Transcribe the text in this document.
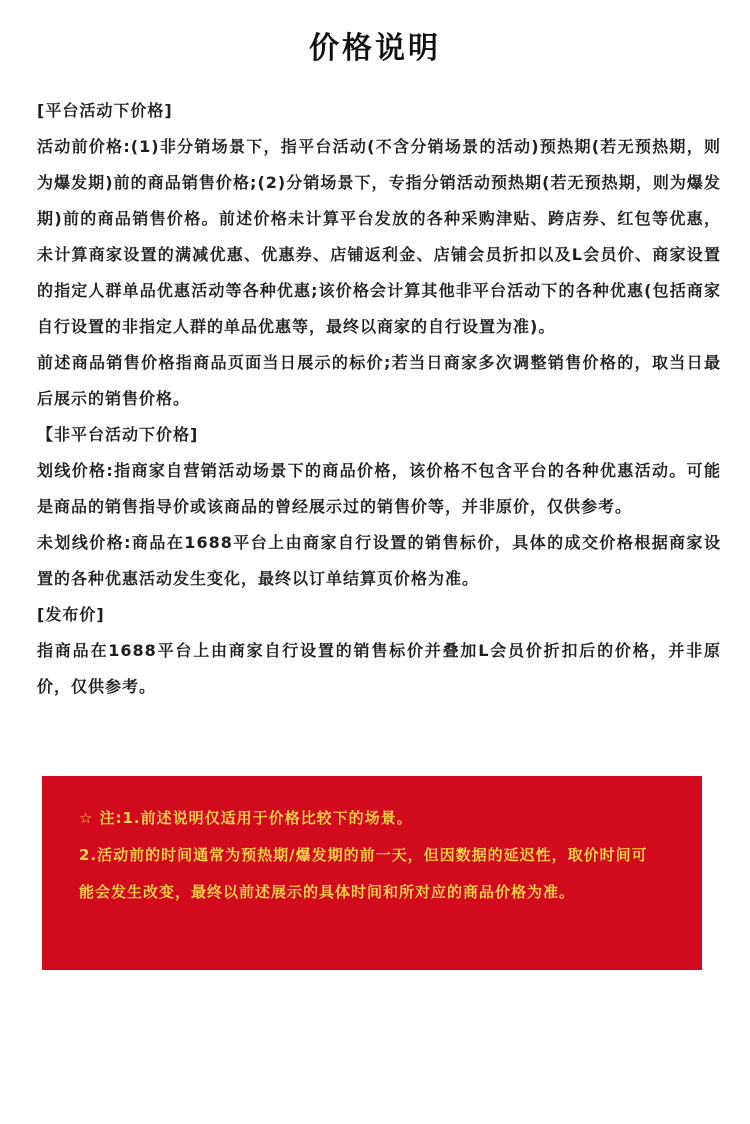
价格说明

[平台活动下价格]

活动前价格:(1)非分销场景下，指平台活动(不含分销场景的活动)预热期(若无预热期，则为爆发期)前的商品销售价格;(2)分销场景下，专指分销活动预热期(若无预热期，则为爆发期)前的商品销售价格。前述价格未计算平台发放的各种采购津贴、跨店券、红包等优惠，未计算商家设置的满减优惠、优惠券、店铺返利金、店铺会员折扣以及L会员价、商家设置的指定人群单品优惠活动等各种优惠;该价格会计算其他非平台活动下的各种优惠(包括商家自行设置的非指定人群的单品优惠等，最终以商家的自行设置为准)。

前述商品销售价格指商品页面当日展示的标价;若当日商家多次调整销售价格的，取当日最后展示的销售价格。

【非平台活动下价格]

划线价格:指商家自营销活动场景下的商品价格，该价格不包含平台的各种优惠活动。可能是商品的销售指导价或该商品的曾经展示过的销售价等，并非原价，仅供参考。

未划线价格:商品在1688平台上由商家自行设置的销售标价，具体的成交价格根据商家设置的各种优惠活动发生变化，最终以订单结算页价格为准。

[发布价]

指商品在1688平台上由商家自行设置的销售标价并叠加L会员价折扣后的价格，并非原价，仅供参考。

☆ 注:1.前述说明仅适用于价格比较下的场景。

2.活动前的时间通常为预热期/爆发期的前一天，但因数据的延迟性，取价时间可能会发生改变，最终以前述展示的具体时间和所对应的商品价格为准。
